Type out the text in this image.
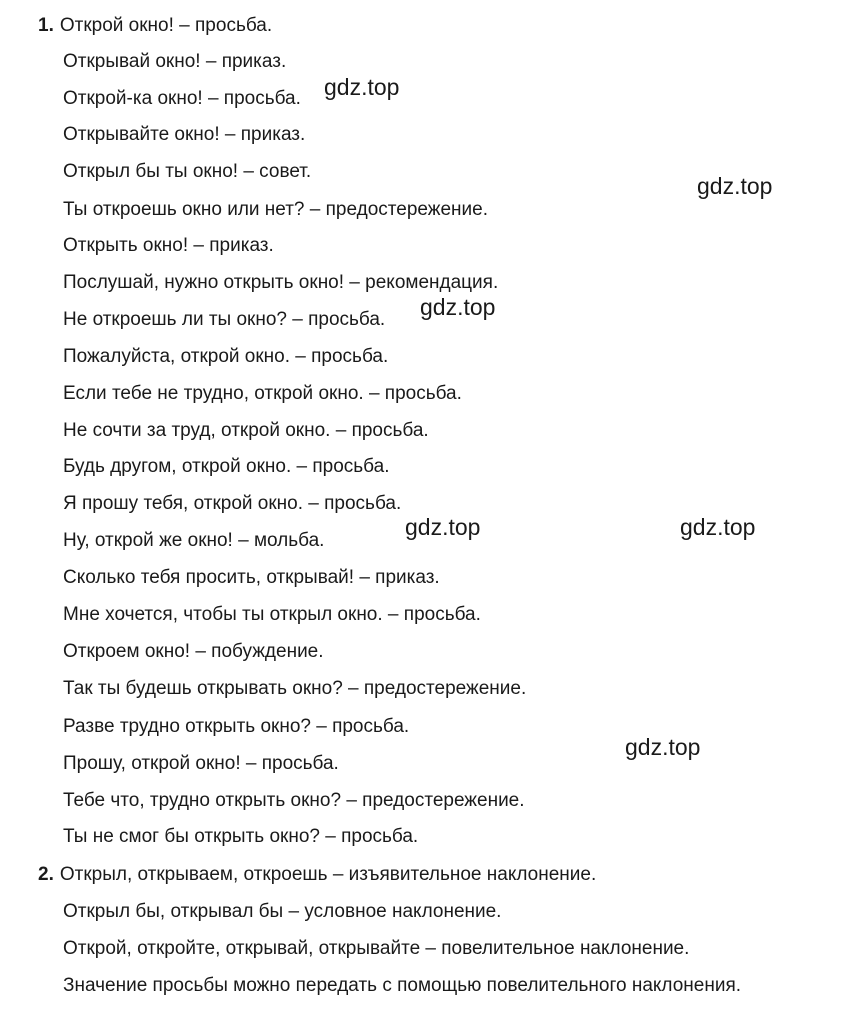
1. Открой окно! – просьба.
Открывай окно! – приказ.
Открой-ка окно! – просьба.
Открывайте окно! – приказ.
Открыл бы ты окно! – совет.
Ты откроешь окно или нет? – предостережение.
Открыть окно! – приказ.
Послушай, нужно открыть окно! – рекомендация.
Не откроешь ли ты окно? – просьба.
Пожалуйста, открой окно. – просьба.
Если тебе не трудно, открой окно. – просьба.
Не сочти за труд, открой окно. – просьба.
Будь другом, открой окно. – просьба.
Я прошу тебя, открой окно. – просьба.
Ну, открой же окно! – мольба.
Сколько тебя просить, открывай! – приказ.
Мне хочется, чтобы ты открыл окно. – просьба.
Откроем окно! – побуждение.
Так ты будешь открывать окно? – предостережение.
Разве трудно открыть окно? – просьба.
Прошу, открой окно! – просьба.
Тебе что, трудно открыть окно? – предостережение.
Ты не смог бы открыть окно? – просьба.
2. Открыл, открываем, откроешь – изъявительное наклонение.
Открыл бы, открывал бы – условное наклонение.
Открой, откройте, открывай, открывайте – повелительное наклонение.
Значение просьбы можно передать с помощью повелительного наклонения.
gdz.top
gdz.top
gdz.top
gdz.top	gdz.top
gdz.top
